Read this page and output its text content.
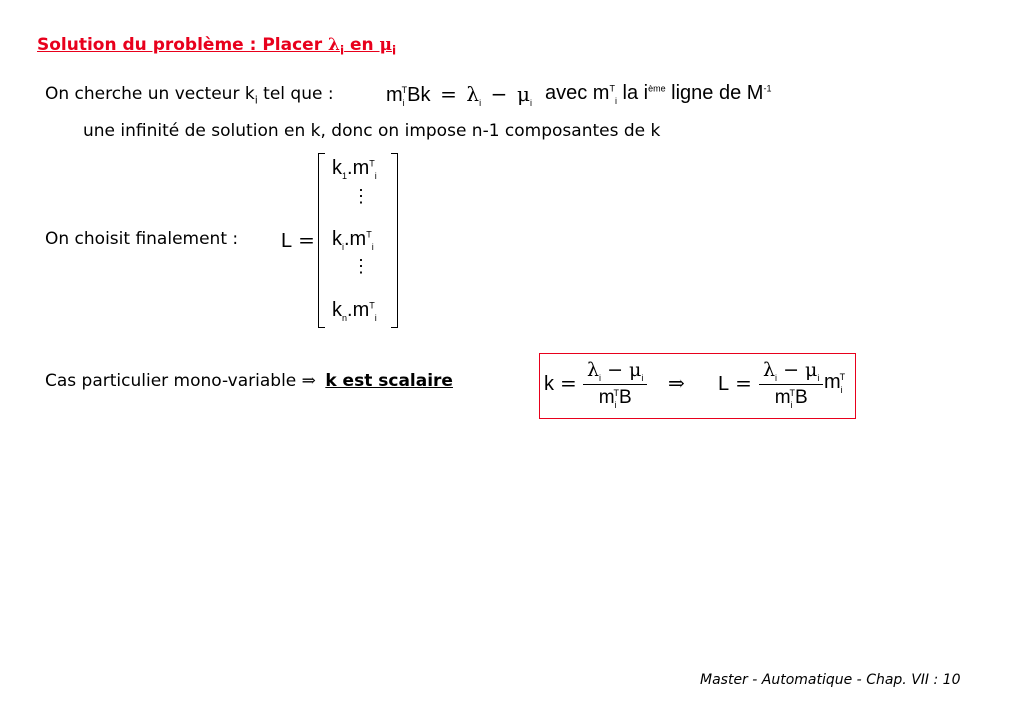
Solution du problème : Placer $\lambda_i$ en $\mu_i$
On cherche un vecteur $k_i$ tel que :	$m_i^TBk = \lambda_i - \mu_i$ avec $m^T_i$ la $i^{ème}$ ligne de $M^{-1}$
une infinité de solution en k, donc on impose n-1 composantes de k
On choisit finalement : L =
$k_1.m^T_i$
⋮
$k_i.m^T_i$
⋮
$k_n.m^T_i$
Cas particulier mono-variable ⇒ k est scalaire	k =
$\lambda_i - \mu_i$
$m_i^TB$
⇒ L =
$\lambda_i - \mu_i$
$m_i^TB$
$m_i^T$
Master - Automatique - Chap. VII : 10
